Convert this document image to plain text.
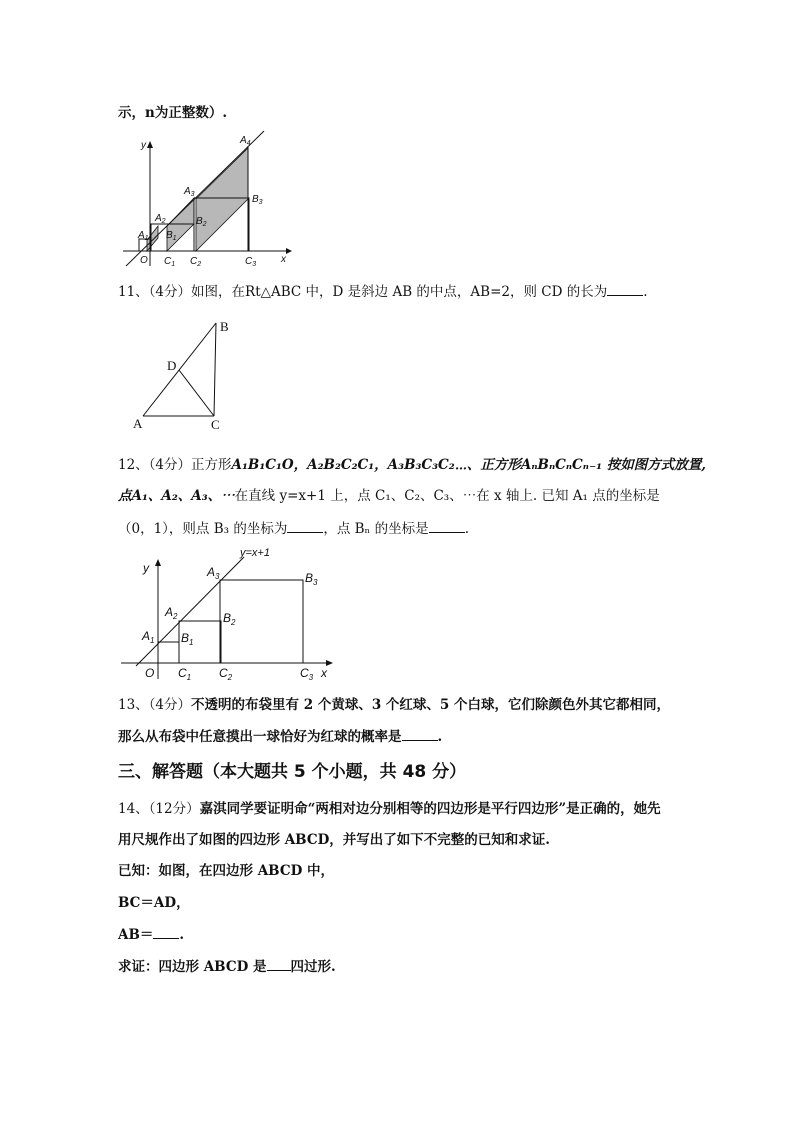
示，n为正整数）.
y
x
O
$A_1$
$A_2$
$A_3$
$A_4$
$B_1$
$B_2$
$B_3$
$C_1$ $C_2$	$C_3$
11、（4分）如图，在Rt△ABC 中，D 是斜边 AB 的中点，AB=2，则 CD 的长为	.
A
B
C
D
12、（4分）正方形A₁B₁C₁O，A₂B₂C₂C₁，A₃B₃C₃C₂⋯、正方形AₙBₙCₙCₙ₋₁ 按如图方式放置,
点A₁、A₂、A₃、⋯在直线 y=x+1 上，点 C₁、C₂、C₃、⋯在 x 轴上. 已知 A₁ 点的坐标是
（0，1），则点 B₃ 的坐标为	，点 Bₙ 的坐标是	.
y=x+1
y
x
O
$A_1$
$A_2$
$A_3$
$B_1$
$B_2$
$B_3$
$C_1$ $C_2$	$C_3$
13、（4分）不透明的布袋里有 2 个黄球、3 个红球、5 个白球，它们除颜色外其它都相同，
那么从布袋中任意摸出一球恰好为红球的概率是	.
三、解答题（本大题共 5 个小题，共 48 分）
14、（12分）嘉淇同学要证明命“两相对边分别相等的四边形是平行四边形”是正确的，她先
用尺规作出了如图的四边形 ABCD，并写出了如下不完整的已知和求证.
已知：如图，在四边形 ABCD 中，
BC＝AD，
AB＝ .
求证：四边形 ABCD 是 四过形.
